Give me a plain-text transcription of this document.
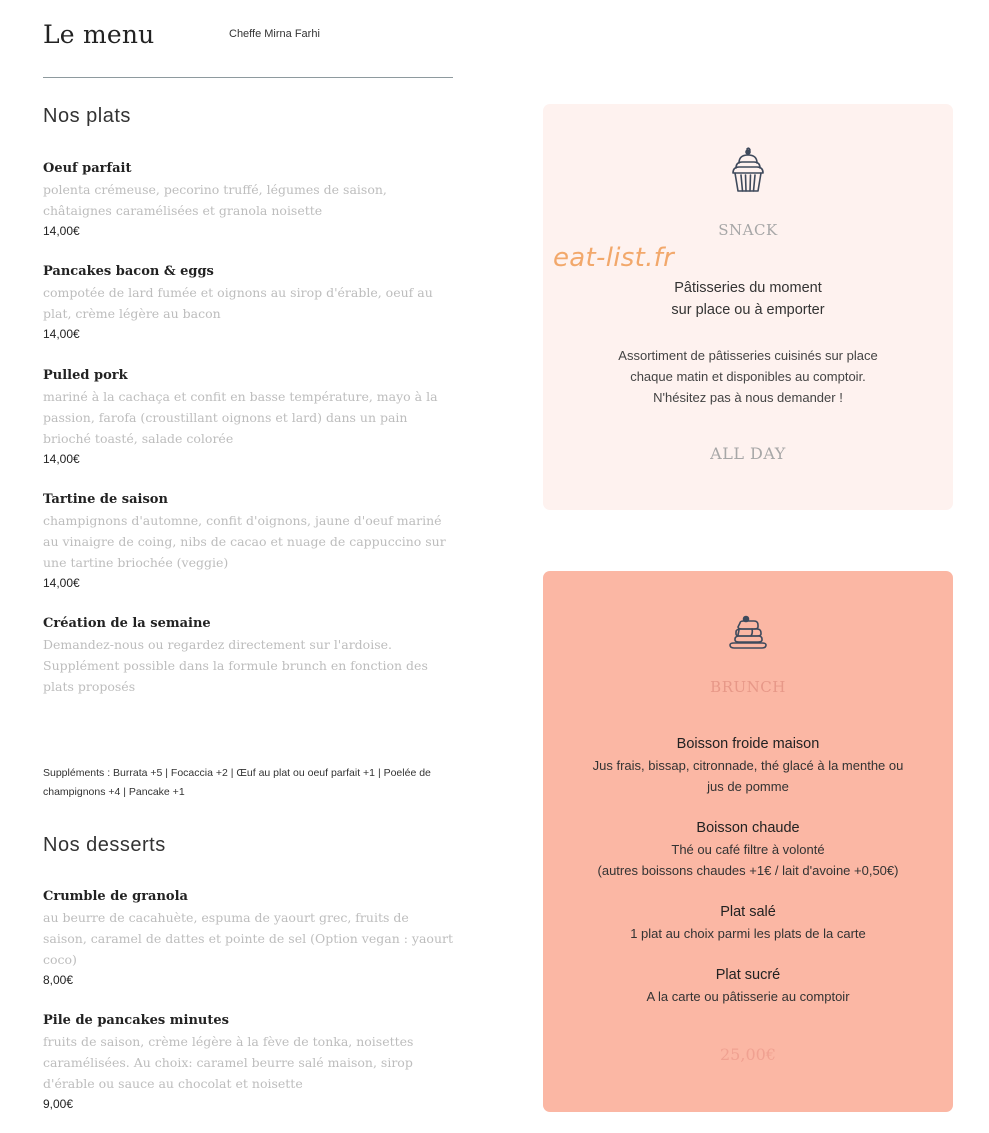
Le menu	Cheffe Mirna Farhi
Nos plats
Oeuf parfait
polenta crémeuse, pecorino truffé, légumes de saison, châtaignes caramélisées et granola noisette
14,00€
Pancakes bacon & eggs
compotée de lard fumée et oignons au sirop d'érable, oeuf au plat, crème légère au bacon
14,00€
Pulled pork
mariné à la cachaça et confit en basse température, mayo à la passion, farofa (croustillant oignons et lard) dans un pain brioché toasté, salade colorée
14,00€
Tartine de saison
champignons d'automne, confit d'oignons, jaune d'oeuf mariné au vinaigre de coing, nibs de cacao et nuage de cappuccino sur une tartine briochée (veggie)
14,00€
Création de la semaine
Demandez-nous ou regardez directement sur l'ardoise. Supplément possible dans la formule brunch en fonction des plats proposés
Suppléments : Burrata +5 | Focaccia +2 | Œuf au plat ou oeuf parfait +1 | Poelée de champignons +4 | Pancake +1
Nos desserts
Crumble de granola
au beurre de cacahuète, espuma de yaourt grec, fruits de saison, caramel de dattes et pointe de sel (Option vegan : yaourt coco)
8,00€
Pile de pancakes minutes
fruits de saison, crème légère à la fève de tonka, noisettes caramélisées. Au choix: caramel beurre salé maison, sirop d'érable ou sauce au chocolat et noisette
9,00€
SNACK
Pâtisseries du moment
sur place ou à emporter
Assortiment de pâtisseries cuisinés sur place
chaque matin et disponibles au comptoir.
N'hésitez pas à nous demander !
ALL DAY
eat-list.fr
BRUNCH
Boisson froide maison
Jus frais, bissap, citronnade, thé glacé à la menthe ou
jus de pomme
Boisson chaude
Thé ou café filtre à volonté
(autres boissons chaudes +1€ / lait d'avoine +0,50€)
Plat salé
1 plat au choix parmi les plats de la carte
Plat sucré
A la carte ou pâtisserie au comptoir
25,00€
